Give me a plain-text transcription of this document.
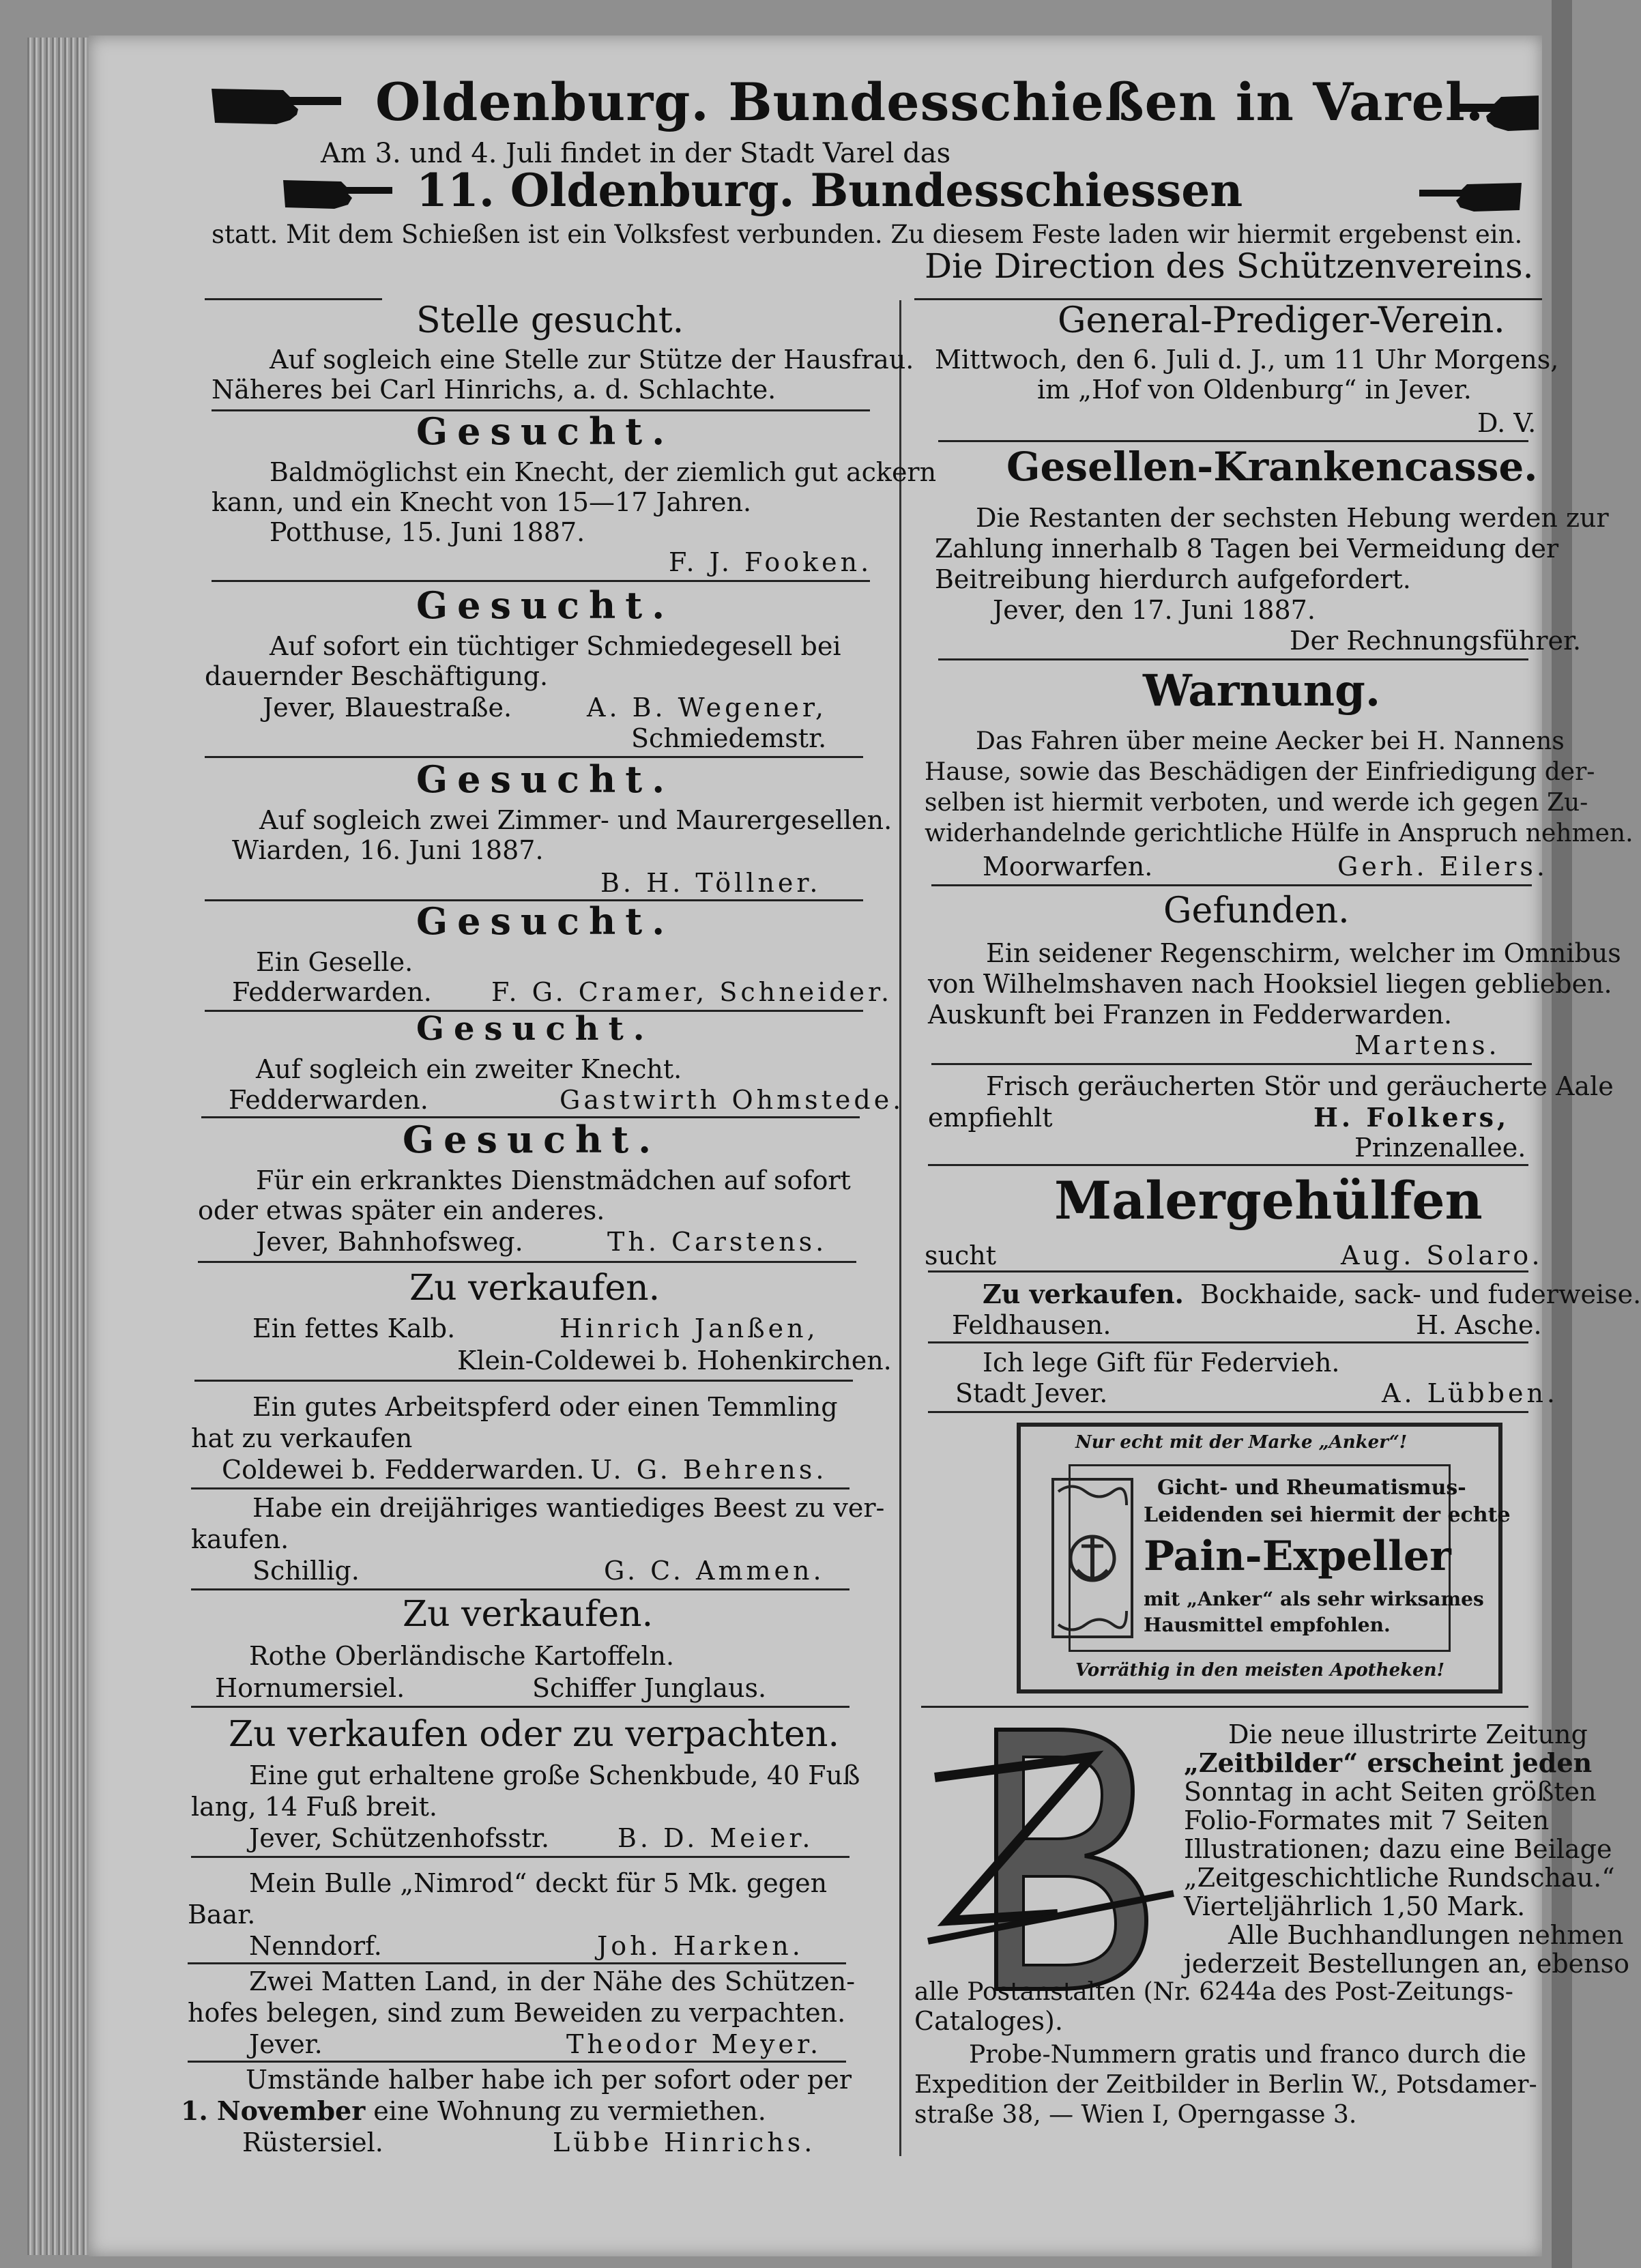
Oldenburg. Bundesschießen in Varel.
Am 3. und 4. Juli findet in der Stadt Varel das
11. Oldenburg. Bundesschiessen
statt. Mit dem Schießen ist ein Volksfest verbunden. Zu diesem Feste laden wir hiermit ergebenst ein.
Die Direction des Schützenvereins.
Stelle gesucht.
Auf sogleich eine Stelle zur Stütze der Hausfrau.
Näheres bei Carl Hinrichs, a. d. Schlachte.
Gesucht.
Baldmöglichst ein Knecht, der ziemlich gut ackern
kann, und ein Knecht von 15—17 Jahren.
Potthuse, 15. Juni 1887.
F. J. Fooken.
Gesucht.
Auf sofort ein tüchtiger Schmiedegesell bei
dauernder Beschäftigung.
Jever, Blauestraße.	A. B. Wegener,
Schmiedemstr.
Gesucht.
Auf sogleich zwei Zimmer- und Maurergesellen.
Wiarden, 16. Juni 1887.
B. H. Töllner.
Gesucht.
Ein Geselle.
Fedderwarden. F. G. Cramer, Schneider.
Gesucht.
Auf sogleich ein zweiter Knecht.
Fedderwarden.	Gastwirth Ohmstede.
Gesucht.
Für ein erkranktes Dienstmädchen auf sofort
oder etwas später ein anderes.
Jever, Bahnhofsweg.	Th. Carstens.
Zu verkaufen.
Ein fettes Kalb.	Hinrich Janßen,
Klein-Coldewei b. Hohenkirchen.
Ein gutes Arbeitspferd oder einen Temmling
hat zu verkaufen
Coldewei b. Fedderwarden. U. G. Behrens.
Habe ein dreijähriges wantiediges Beest zu ver-
kaufen.
Schillig.	G. C. Ammen.
Zu verkaufen.
Rothe Oberländische Kartoffeln.
Hornumersiel.	Schiffer Junglaus.
Zu verkaufen oder zu verpachten.
Eine gut erhaltene große Schenkbude, 40 Fuß
lang, 14 Fuß breit.
Jever, Schützenhofsstr.	B. D. Meier.
Mein Bulle „Nimrod“ deckt für 5 Mk. gegen
Baar.
Nenndorf.	Joh. Harken.
Zwei Matten Land, in der Nähe des Schützen-
hofes belegen, sind zum Beweiden zu verpachten.
Jever.	Theodor Meyer.
Umstände halber habe ich per sofort oder per
1. November eine Wohnung zu vermiethen.
Rüstersiel.	Lübbe Hinrichs.
General-Prediger-Verein.
Mittwoch, den 6. Juli d. J., um 11 Uhr Morgens,
im „Hof von Oldenburg“ in Jever.
D. V.
Gesellen-Krankencasse.
Die Restanten der sechsten Hebung werden zur
Zahlung innerhalb 8 Tagen bei Vermeidung der
Beitreibung hierdurch aufgefordert.
Jever, den 17. Juni 1887.
Der Rechnungsführer.
Warnung.
Das Fahren über meine Aecker bei H. Nannens
Hause, sowie das Beschädigen der Einfriedigung der-
selben ist hiermit verboten, und werde ich gegen Zu-
widerhandelnde gerichtliche Hülfe in Anspruch nehmen.
Moorwarfen.	Gerh. Eilers.
Gefunden.
Ein seidener Regenschirm, welcher im Omnibus
von Wilhelmshaven nach Hooksiel liegen geblieben.
Auskunft bei Franzen in Fedderwarden.
Martens.
Frisch geräucherten Stör und geräucherte Aale
empfiehlt	H. Folkers,
Prinzenallee.
Malergehülfen
sucht	Aug. Solaro.
Zu verkaufen. Bockhaide, sack- und fuderweise.
Feldhausen.	H. Asche.
Ich lege Gift für Federvieh.
Stadt Jever.	A. Lübben.
Nur echt mit der Marke „Anker“!
Gicht- und Rheumatismus-
Leidenden sei hiermit der echte
Pain-Expeller
mit „Anker“ als sehr wirksames
Hausmittel empfohlen.
Vorräthig in den meisten Apotheken!
Die neue illustrirte Zeitung
„Zeitbilder“ erscheint jeden
Sonntag in acht Seiten größten
Folio-Formates mit 7 Seiten
Illustrationen; dazu eine Beilage
„Zeitgeschichtliche Rundschau.“
Vierteljährlich 1,50 Mark.
Alle Buchhandlungen nehmen
jederzeit Bestellungen an, ebenso
alle Postanstalten (Nr. 6244a des Post-Zeitungs-
Cataloges).
Probe-Nummern gratis und franco durch die
Expedition der Zeitbilder in Berlin W., Potsdamer-
straße 38, — Wien I, Operngasse 3.
